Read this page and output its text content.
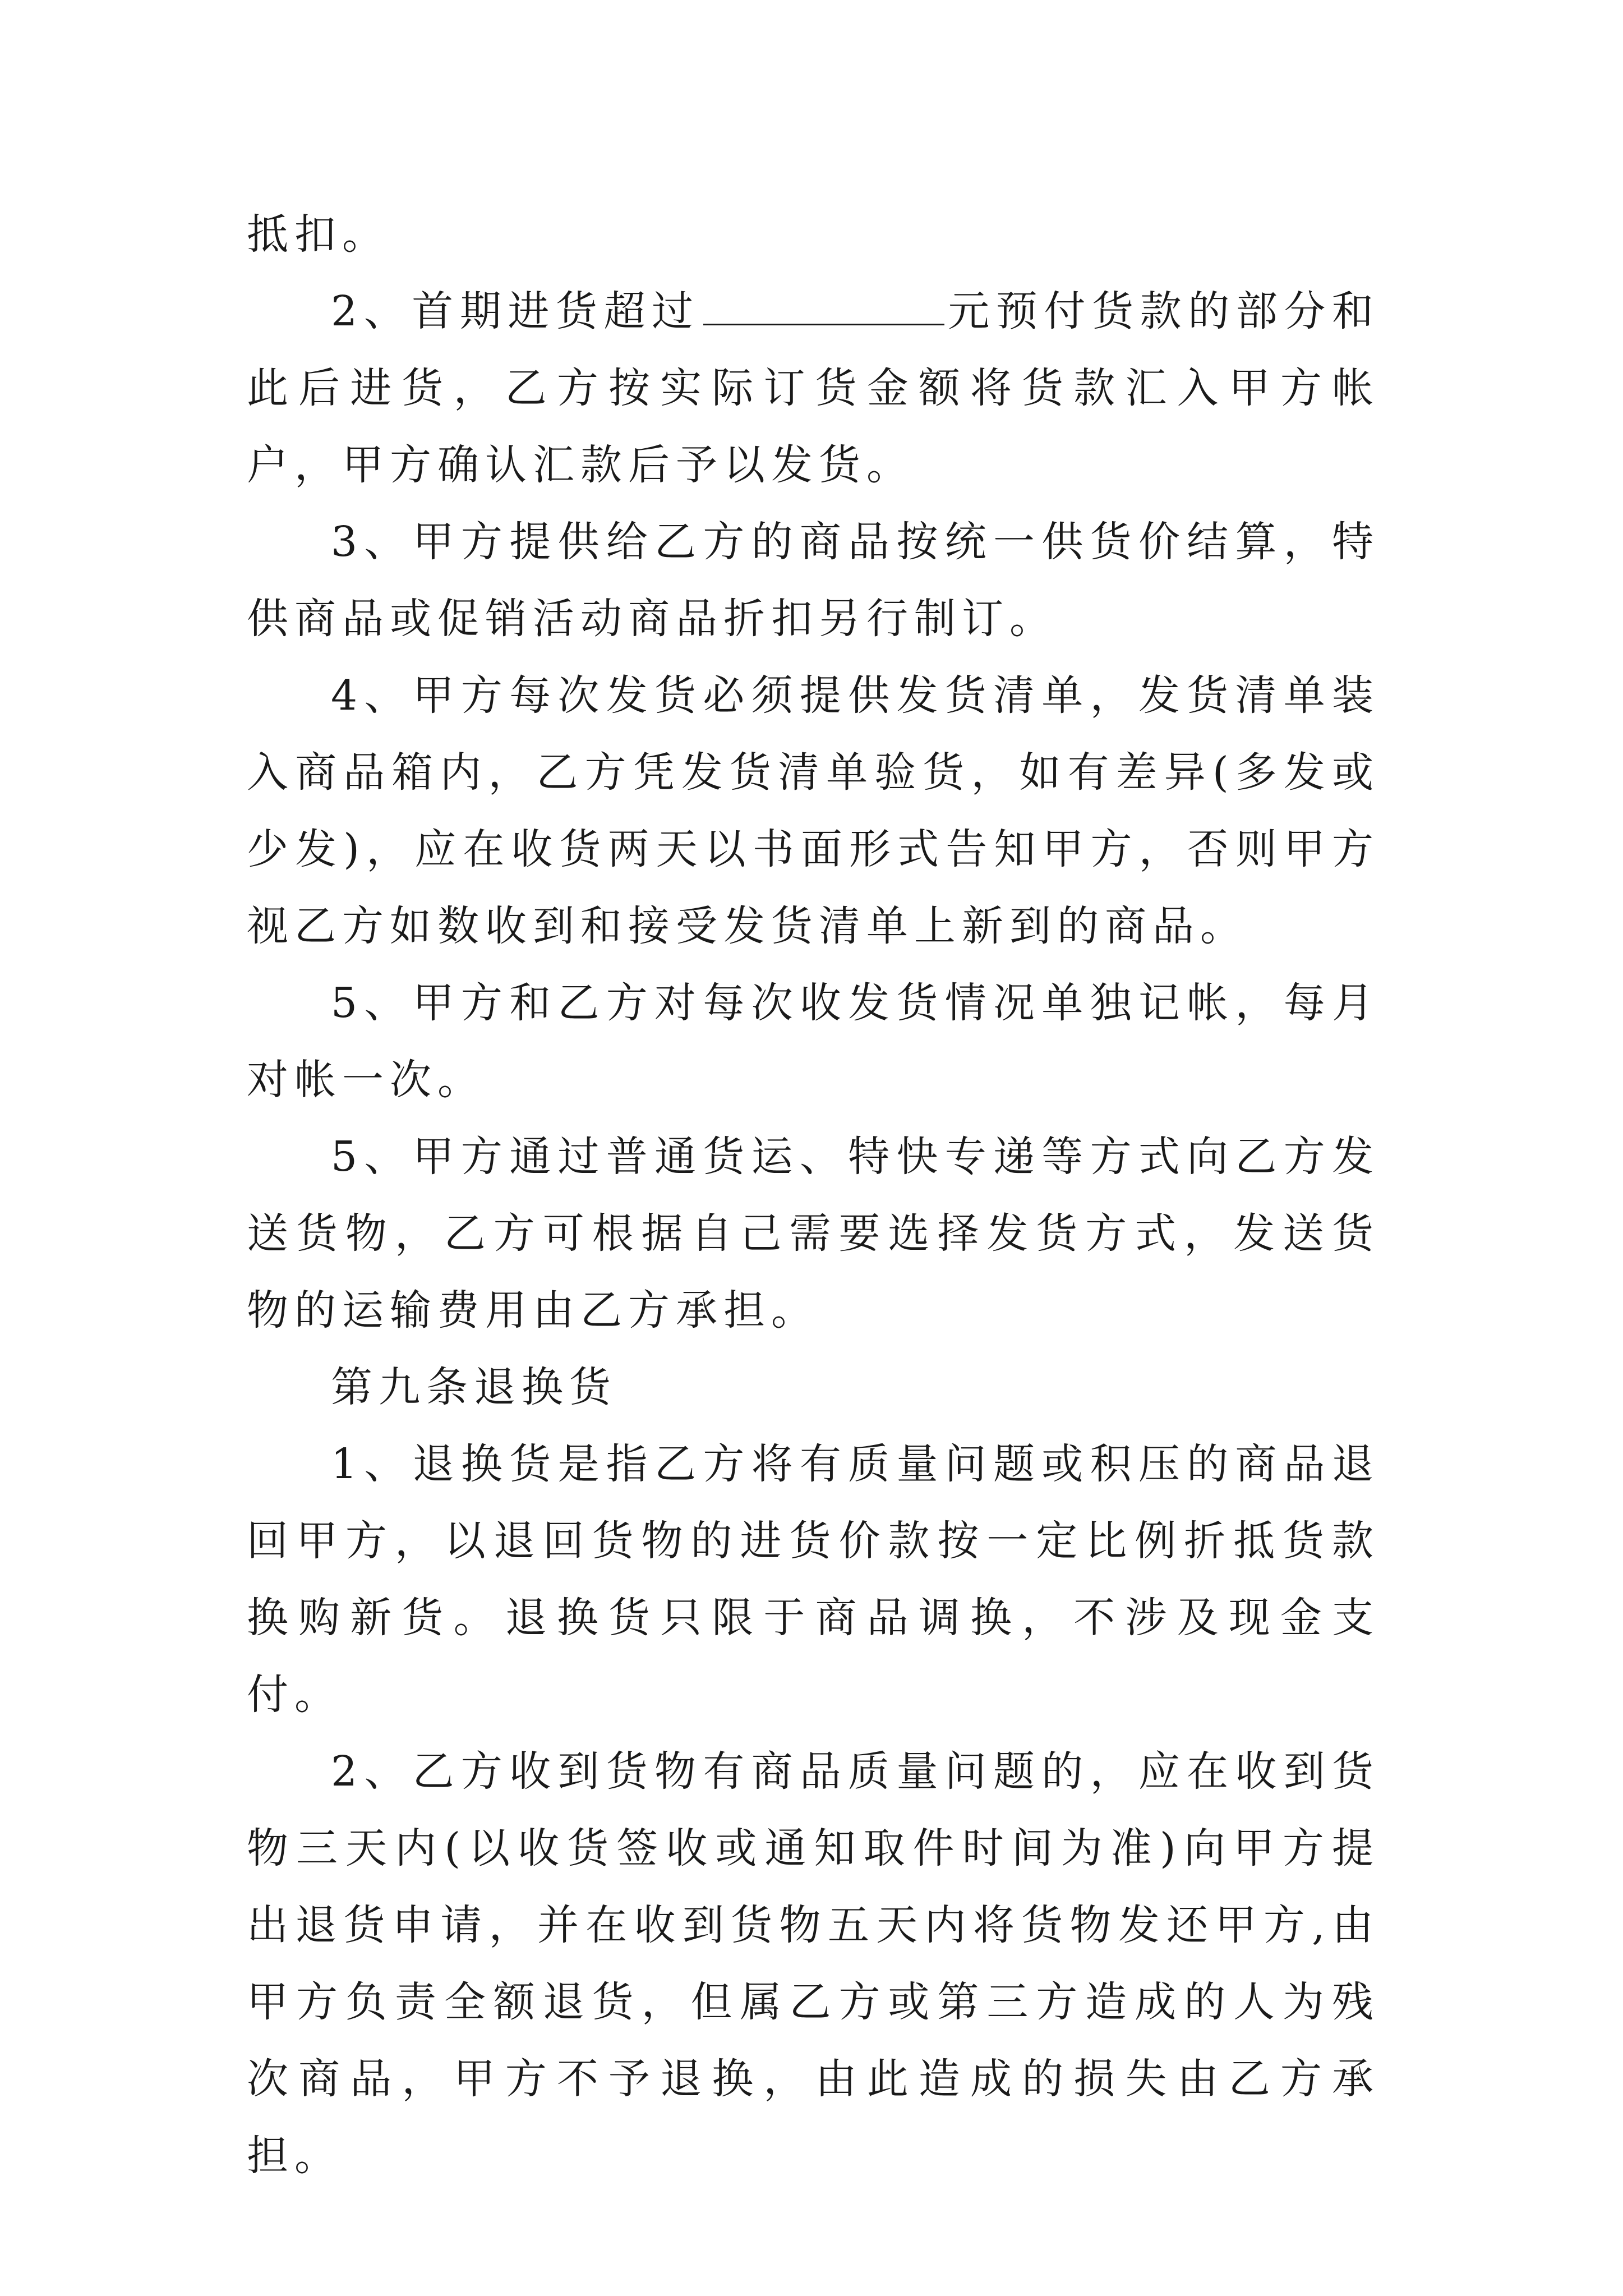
抵扣。

2、首期进货超过	元预付货款的部分和此后进货，乙方按实际订货金额将货款汇入甲方帐户，甲方确认汇款后予以发货。

3、甲方提供给乙方的商品按统一供货价结算，特供商品或促销活动商品折扣另行制订。

4、甲方每次发货必须提供发货清单，发货清单装入商品箱内，乙方凭发货清单验货，如有差异(多发或少发)，应在收货两天以书面形式告知甲方，否则甲方视乙方如数收到和接受发货清单上新到的商品。

5、甲方和乙方对每次收发货情况单独记帐，每月对帐一次。

5、甲方通过普通货运、特快专递等方式向乙方发送货物，乙方可根据自己需要选择发货方式，发送货物的运输费用由乙方承担。

第九条退换货

1、退换货是指乙方将有质量问题或积压的商品退回甲方，以退回货物的进货价款按一定比例折抵货款换购新货。退换货只限于商品调换，不涉及现金支付。

2、乙方收到货物有商品质量问题的，应在收到货物三天内(以收货签收或通知取件时间为准)向甲方提出退货申请，并在收到货物五天内将货物发还甲方,由甲方负责全额退货，但属乙方或第三方造成的人为残次商品，甲方不予退换，由此造成的损失由乙方承担。
